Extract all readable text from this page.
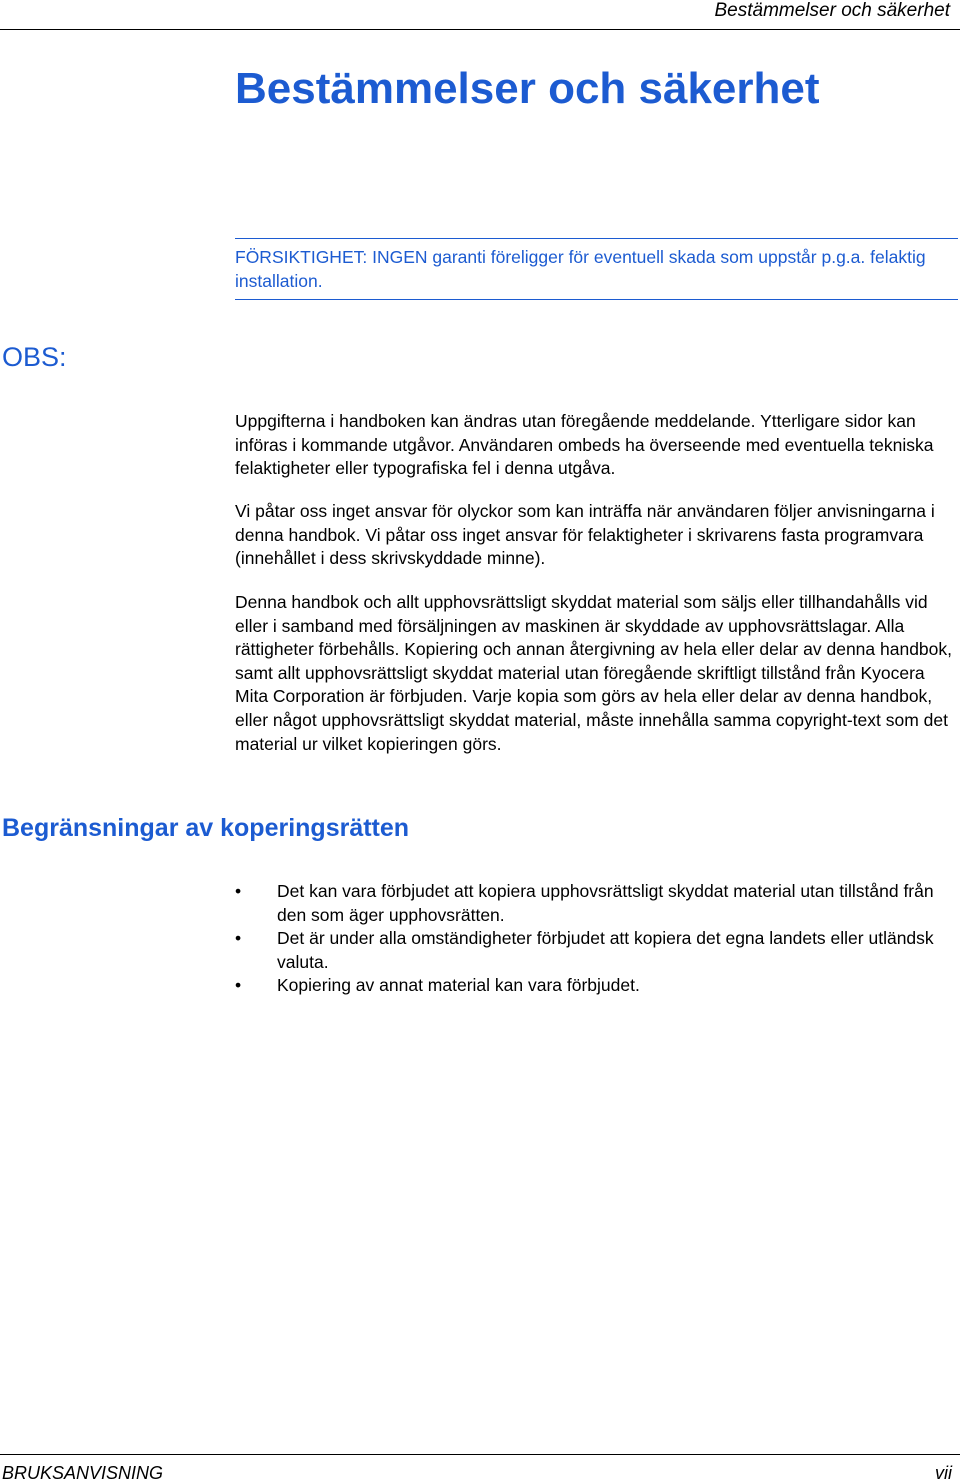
Bestämmelser och säkerhet
Bestämmelser och säkerhet
FÖRSIKTIGHET: INGEN garanti föreligger för eventuell skada som uppstår p.g.a. felaktig installation.
OBS:

Uppgifterna i handboken kan ändras utan föregående meddelande. Ytterligare sidor kan införas i kommande utgåvor. Användaren ombeds ha överseende med eventuella tekniska felaktigheter eller typografiska fel i denna utgåva.

Vi påtar oss inget ansvar för olyckor som kan inträffa när användaren följer anvisningarna i denna handbok. Vi påtar oss inget ansvar för felaktigheter i skrivarens fasta programvara (innehållet i dess skrivskyddade minne).

Denna handbok och allt upphovsrättsligt skyddat material som säljs eller tillhandahålls vid eller i samband med försäljningen av maskinen är skyddade av upphovsrättslagar. Alla rättigheter förbehålls. Kopiering och annan återgivning av hela eller delar av denna handbok, samt allt upphovsrättsligt skyddat material utan föregående skriftligt tillstånd från Kyocera Mita Corporation är förbjuden. Varje kopia som görs av hela eller delar av denna handbok, eller något upphovsrättsligt skyddat material, måste innehålla samma copyright-text som det material ur vilket kopieringen görs.

Begränsningar av koperingsrätten
• Det kan vara förbjudet att kopiera upphovsrättsligt skyddat material utan tillstånd från den som äger upphovsrätten.
• Det är under alla omständigheter förbjudet att kopiera det egna landets eller utländsk valuta.
• Kopiering av annat material kan vara förbjudet.
BRUKSANVISNING	vii
